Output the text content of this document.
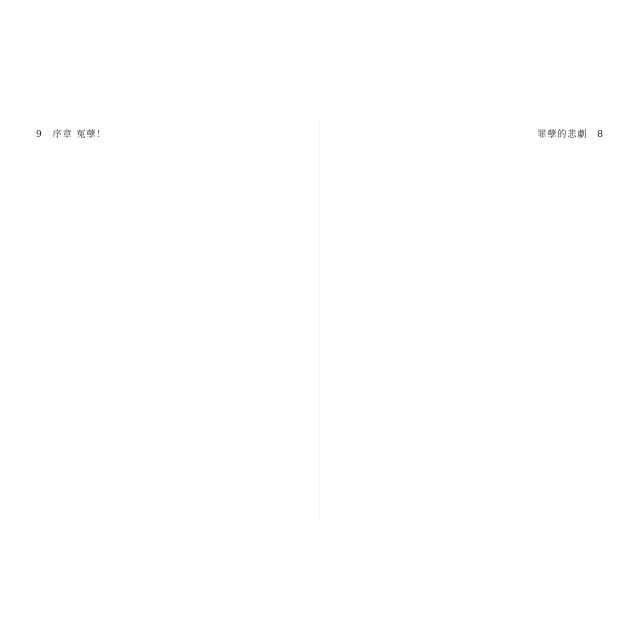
9 序章 冤孽！	罪孽的悲劇 8
